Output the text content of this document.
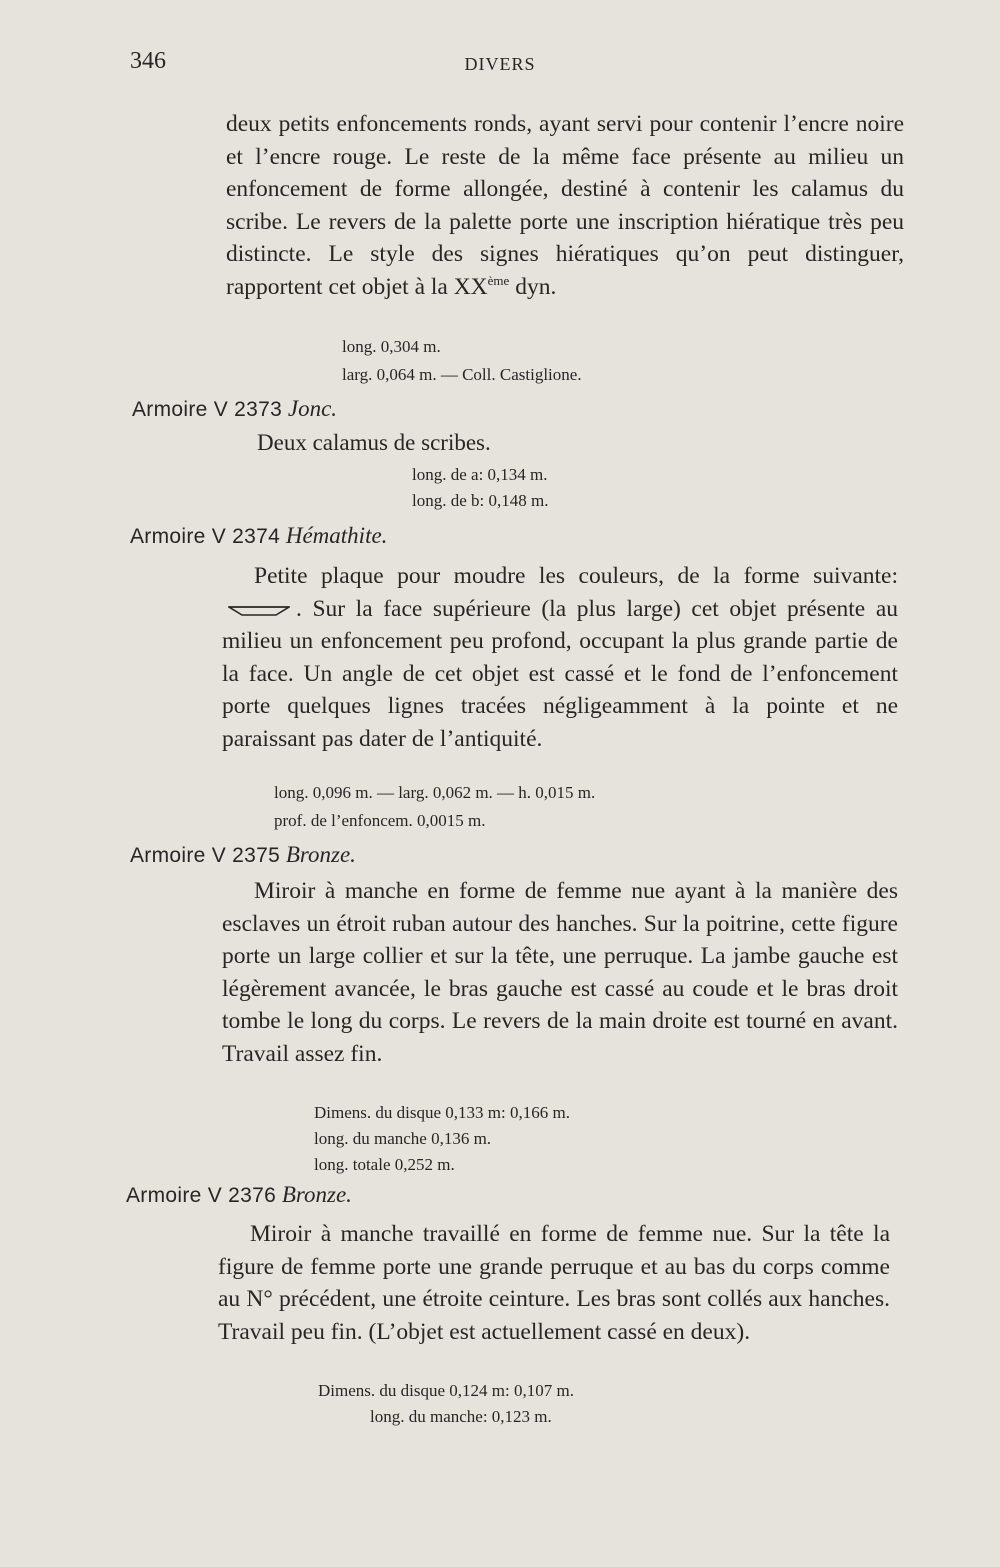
346	DIVERS
deux petits enfoncements ronds, ayant servi pour contenir l’encre noire et l’encre rouge. Le reste de la même face présente au milieu un enfoncement de forme allongée, destiné à contenir les calamus du scribe. Le revers de la palette porte une inscription hiératique très peu distincte. Le style des signes hiératiques qu’on peut distinguer, rapportent cet objet à la XXème dyn.
long. 0,304 m.
larg. 0,064 m. — Coll. Castiglione.
Armoire V 2373 Jonc.
Deux calamus de scribes.
long. de a: 0,134 m.
long. de b: 0,148 m.
Armoire V 2374 Hémathite.
Petite plaque pour moudre les couleurs, de la forme suivante:. Sur la face supérieure (la plus large) cet objet présente au milieu un enfoncement peu profond, occupant la plus grande partie de la face. Un angle de cet objet est cassé et le fond de l’enfoncement porte quelques lignes tracées négligeamment à la pointe et ne paraissant pas dater de l’antiquité.
long. 0,096 m. — larg. 0,062 m. — h. 0,015 m.
prof. de l’enfoncem. 0,0015 m.
Armoire V 2375 Bronze.
Miroir à manche en forme de femme nue ayant à la manière des esclaves un étroit ruban autour des hanches. Sur la poitrine, cette figure porte un large collier et sur la tête, une perruque. La jambe gauche est légèrement avancée, le bras gauche est cassé au coude et le bras droit tombe le long du corps. Le revers de la main droite est tourné en avant. Travail assez fin.
Dimens. du disque 0,133 m: 0,166 m.
long. du manche 0,136 m.
long. totale 0,252 m.
Armoire V 2376 Bronze.
Miroir à manche travaillé en forme de femme nue. Sur la tête la figure de femme porte une grande perruque et au bas du corps comme au N° précédent, une étroite ceinture. Les bras sont collés aux hanches. Travail peu fin. (L’objet est actuellement cassé en deux).
Dimens. du disque 0,124 m: 0,107 m.
long. du manche: 0,123 m.
